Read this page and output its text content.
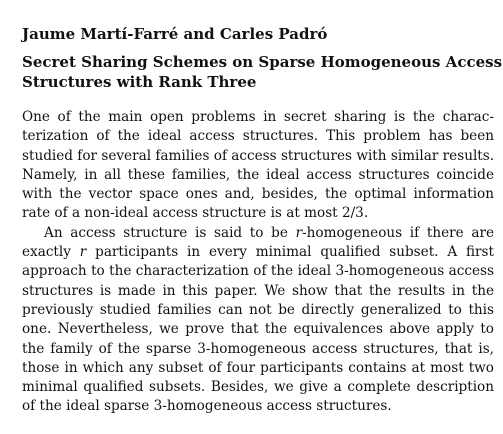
Jaume Martí-Farré and Carles Padró
Secret Sharing Schemes on Sparse Homogeneous Access
Structures with Rank Three
One of the main open problems in secret sharing is the charac-
terization of the ideal access structures. This problem has been
studied for several families of access structures with similar results.
Namely, in all these families, the ideal access structures coincide
with the vector space ones and, besides, the optimal information
rate of a non-ideal access structure is at most 2/3.
An access structure is said to be r-homogeneous if there are
exactly r participants in every minimal qualified subset. A first
approach to the characterization of the ideal 3-homogeneous access
structures is made in this paper. We show that the results in the
previously studied families can not be directly generalized to this
one. Nevertheless, we prove that the equivalences above apply to
the family of the sparse 3-homogeneous access structures, that is,
those in which any subset of four participants contains at most two
minimal qualified subsets. Besides, we give a complete description
of the ideal sparse 3-homogeneous access structures.
